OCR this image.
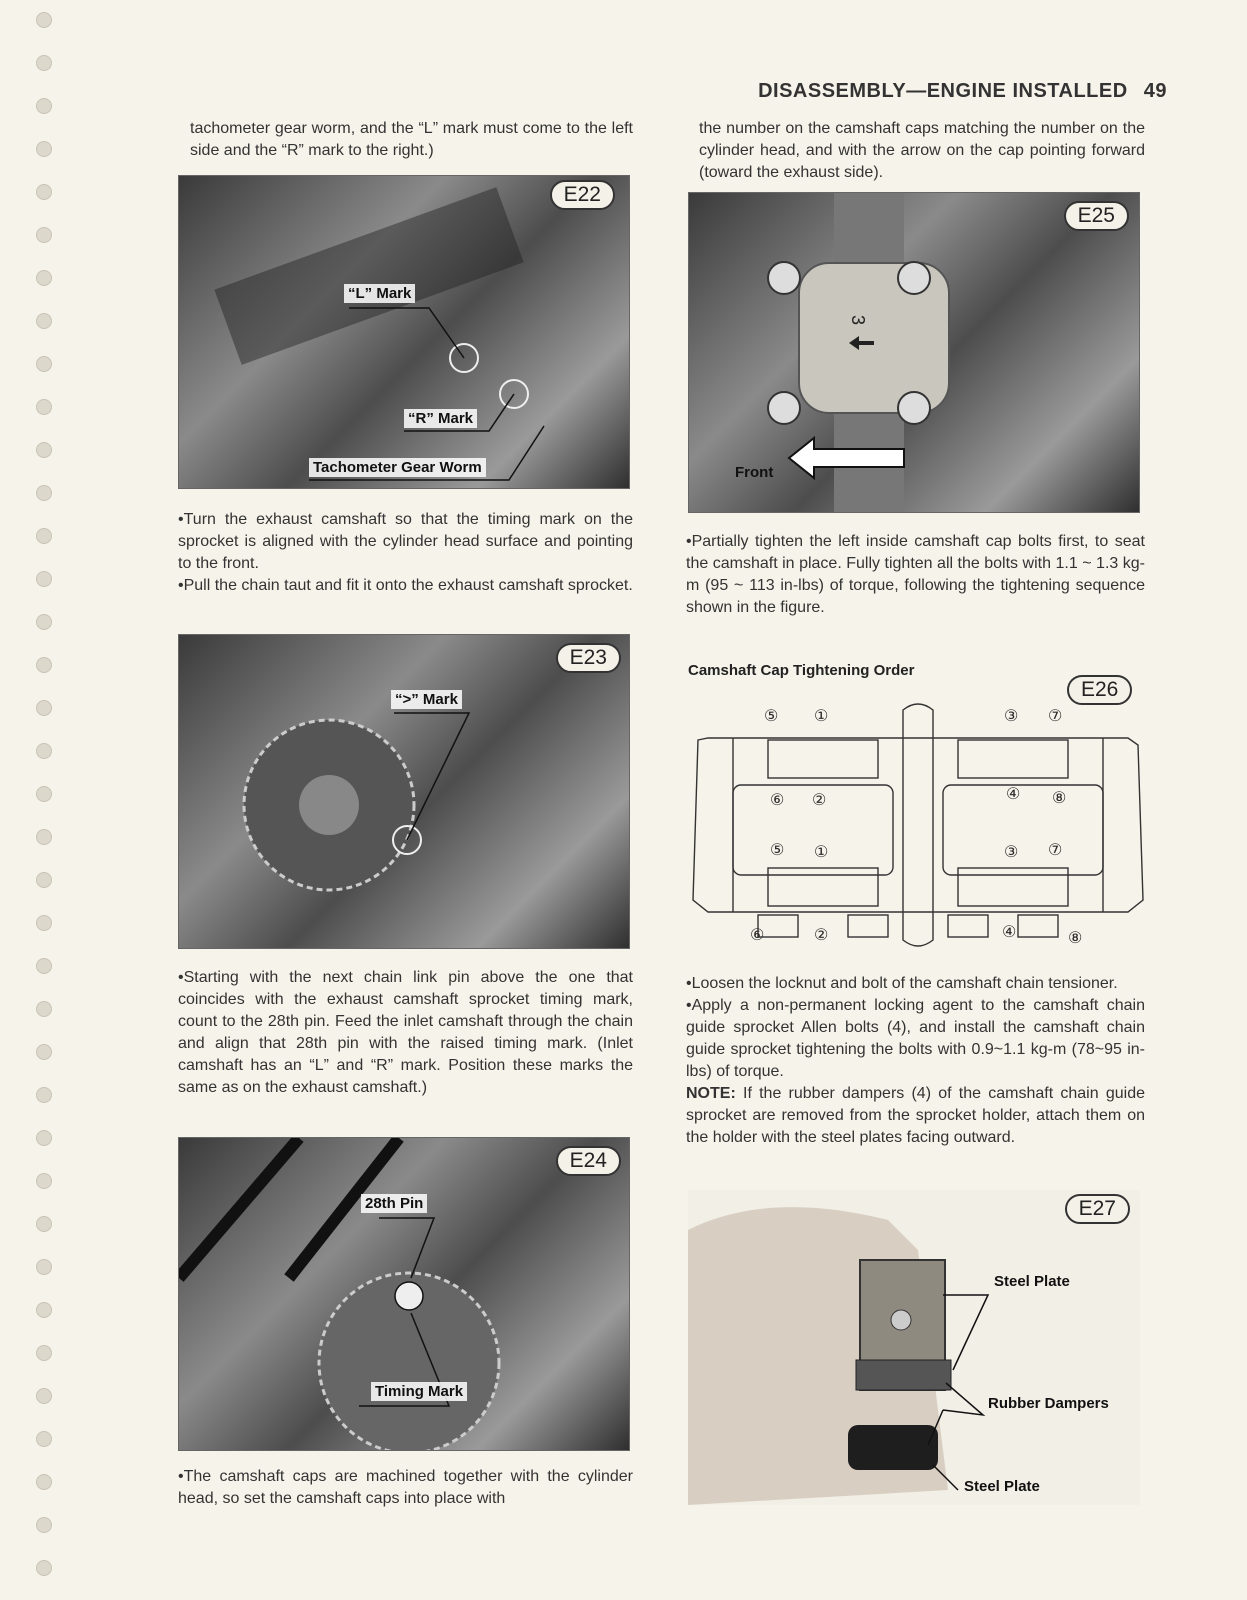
DISASSEMBLY—ENGINE INSTALLED 49

tachometer gear worm, and the “L” mark must come to the left side and the “R” mark to the right.)

E22
“L” Mark
“R” Mark
Tachometer Gear Worm

• Turn the exhaust camshaft so that the timing mark on the sprocket is aligned with the cylinder head surface and pointing to the front.

• Pull the chain taut and fit it onto the exhaust camshaft sprocket.

E23
“>” Mark

• Starting with the next chain link pin above the one that coincides with the exhaust camshaft sprocket timing mark, count to the 28th pin. Feed the inlet camshaft through the chain and align that 28th pin with the raised timing mark. (Inlet camshaft has an “L” and “R” mark. Position these marks the same as on the exhaust camshaft.)

E24
28th Pin
Timing Mark

• The camshaft caps are machined together with the cylinder head, so set the camshaft caps into place with

the number on the camshaft caps matching the number on the cylinder head, and with the arrow on the cap pointing forward (toward the exhaust side).

3
E25
Front

• Partially tighten the left inside camshaft cap bolts first, to seat the camshaft in place. Fully tighten all the bolts with 1.1 ~ 1.3 kg-m (95 ~ 113 in-lbs) of torque, following the tightening sequence shown in the figure.

Camshaft Cap Tightening Order
E26
⑤ ①	③ ⑦
⑥ ②	④ ⑧
⑤ ①	③ ⑦
⑥	②	④	⑧

• Loosen the locknut and bolt of the camshaft chain tensioner.

• Apply a non-permanent locking agent to the camshaft chain guide sprocket Allen bolts (4), and install the camshaft chain guide sprocket tightening the bolts with 0.9~1.1 kg-m (78~95 in-lbs) of torque.

NOTE: If the rubber dampers (4) of the camshaft chain guide sprocket are removed from the sprocket holder, attach them on the holder with the steel plates facing outward.

E27
Steel Plate
Rubber Dampers
Steel Plate
